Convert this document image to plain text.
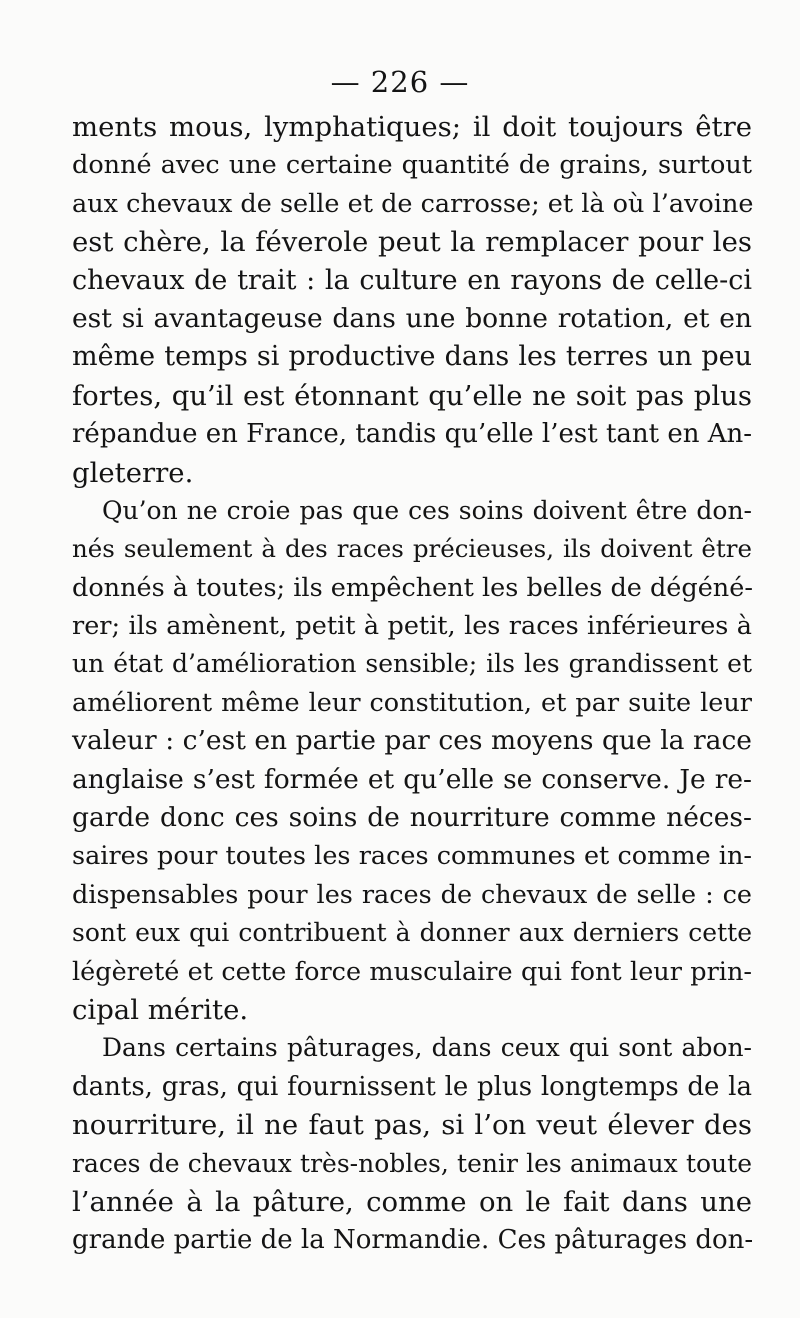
— 226 —
ments mous, lymphatiques; il doit toujours être
donné avec une certaine quantité de grains, surtout
aux chevaux de selle et de carrosse; et là où l’avoine
est chère, la féverole peut la remplacer pour les
chevaux de trait : la culture en rayons de celle-ci
est si avantageuse dans une bonne rotation, et en
même temps si productive dans les terres un peu
fortes, qu’il est étonnant qu’elle ne soit pas plus
répandue en France, tandis qu’elle l’est tant en An-
gleterre.
Qu’on ne croie pas que ces soins doivent être don-
nés seulement à des races précieuses, ils doivent être
donnés à toutes; ils empêchent les belles de dégéné-
rer; ils amènent, petit à petit, les races inférieures à
un état d’amélioration sensible; ils les grandissent et
améliorent même leur constitution, et par suite leur
valeur : c’est en partie par ces moyens que la race
anglaise s’est formée et qu’elle se conserve. Je re-
garde donc ces soins de nourriture comme néces-
saires pour toutes les races communes et comme in-
dispensables pour les races de chevaux de selle : ce
sont eux qui contribuent à donner aux derniers cette
légèreté et cette force musculaire qui font leur prin-
cipal mérite.
Dans certains pâturages, dans ceux qui sont abon-
dants, gras, qui fournissent le plus longtemps de la
nourriture, il ne faut pas, si l’on veut élever des
races de chevaux très-nobles, tenir les animaux toute
l’année à la pâture, comme on le fait dans une
grande partie de la Normandie. Ces pâturages don-
